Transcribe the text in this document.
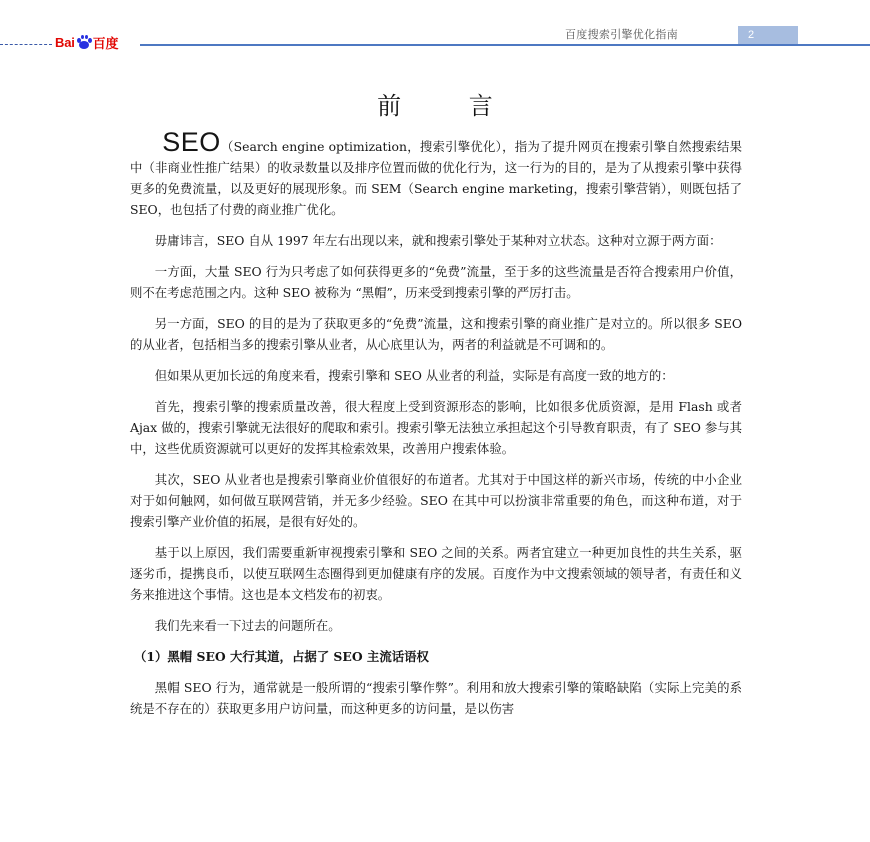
Bai 百度
百度搜索引擎优化指南	2
前 言

SEO（Search engine optimization，搜索引擎优化），指为了提升网页在搜索引擎自然搜索结果中（非商业性推广结果）的收录数量以及排序位置而做的优化行为，这一行为的目的，是为了从搜索引擎中获得更多的免费流量，以及更好的展现形象。而 SEM（Search engine marketing，搜索引擎营销），则既包括了 SEO，也包括了付费的商业推广优化。

毋庸讳言，SEO 自从 1997 年左右出现以来，就和搜索引擎处于某种对立状态。这种对立源于两方面：

一方面，大量 SEO 行为只考虑了如何获得更多的“免费”流量，至于多的这些流量是否符合搜索用户价值，则不在考虑范围之内。这种 SEO 被称为 “黑帽”，历来受到搜索引擎的严厉打击。

另一方面，SEO 的目的是为了获取更多的“免费”流量，这和搜索引擎的商业推广是对立的。所以很多 SEO 的从业者，包括相当多的搜索引擎从业者，从心底里认为，两者的利益就是不可调和的。

但如果从更加长远的角度来看，搜索引擎和 SEO 从业者的利益，实际是有高度一致的地方的：

首先，搜索引擎的搜索质量改善，很大程度上受到资源形态的影响，比如很多优质资源，是用 Flash 或者 Ajax 做的，搜索引擎就无法很好的爬取和索引。搜索引擎无法独立承担起这个引导教育职责，有了 SEO 参与其中，这些优质资源就可以更好的发挥其检索效果，改善用户搜索体验。

其次，SEO 从业者也是搜索引擎商业价值很好的布道者。尤其对于中国这样的新兴市场，传统的中小企业对于如何触网，如何做互联网营销，并无多少经验。SEO 在其中可以扮演非常重要的角色，而这种布道，对于搜索引擎产业价值的拓展，是很有好处的。

基于以上原因，我们需要重新审视搜索引擎和 SEO 之间的关系。两者宜建立一种更加良性的共生关系，驱逐劣币，提携良币，以使互联网生态圈得到更加健康有序的发展。百度作为中文搜索领域的领导者，有责任和义务来推进这个事情。这也是本文档发布的初衷。

我们先来看一下过去的问题所在。

（1）黑帽 SEO 大行其道，占据了 SEO 主流话语权

黑帽 SEO 行为，通常就是一般所谓的“搜索引擎作弊”。利用和放大搜索引擎的策略缺陷（实际上完美的系统是不存在的）获取更多用户访问量，而这种更多的访问量，是以伤害
